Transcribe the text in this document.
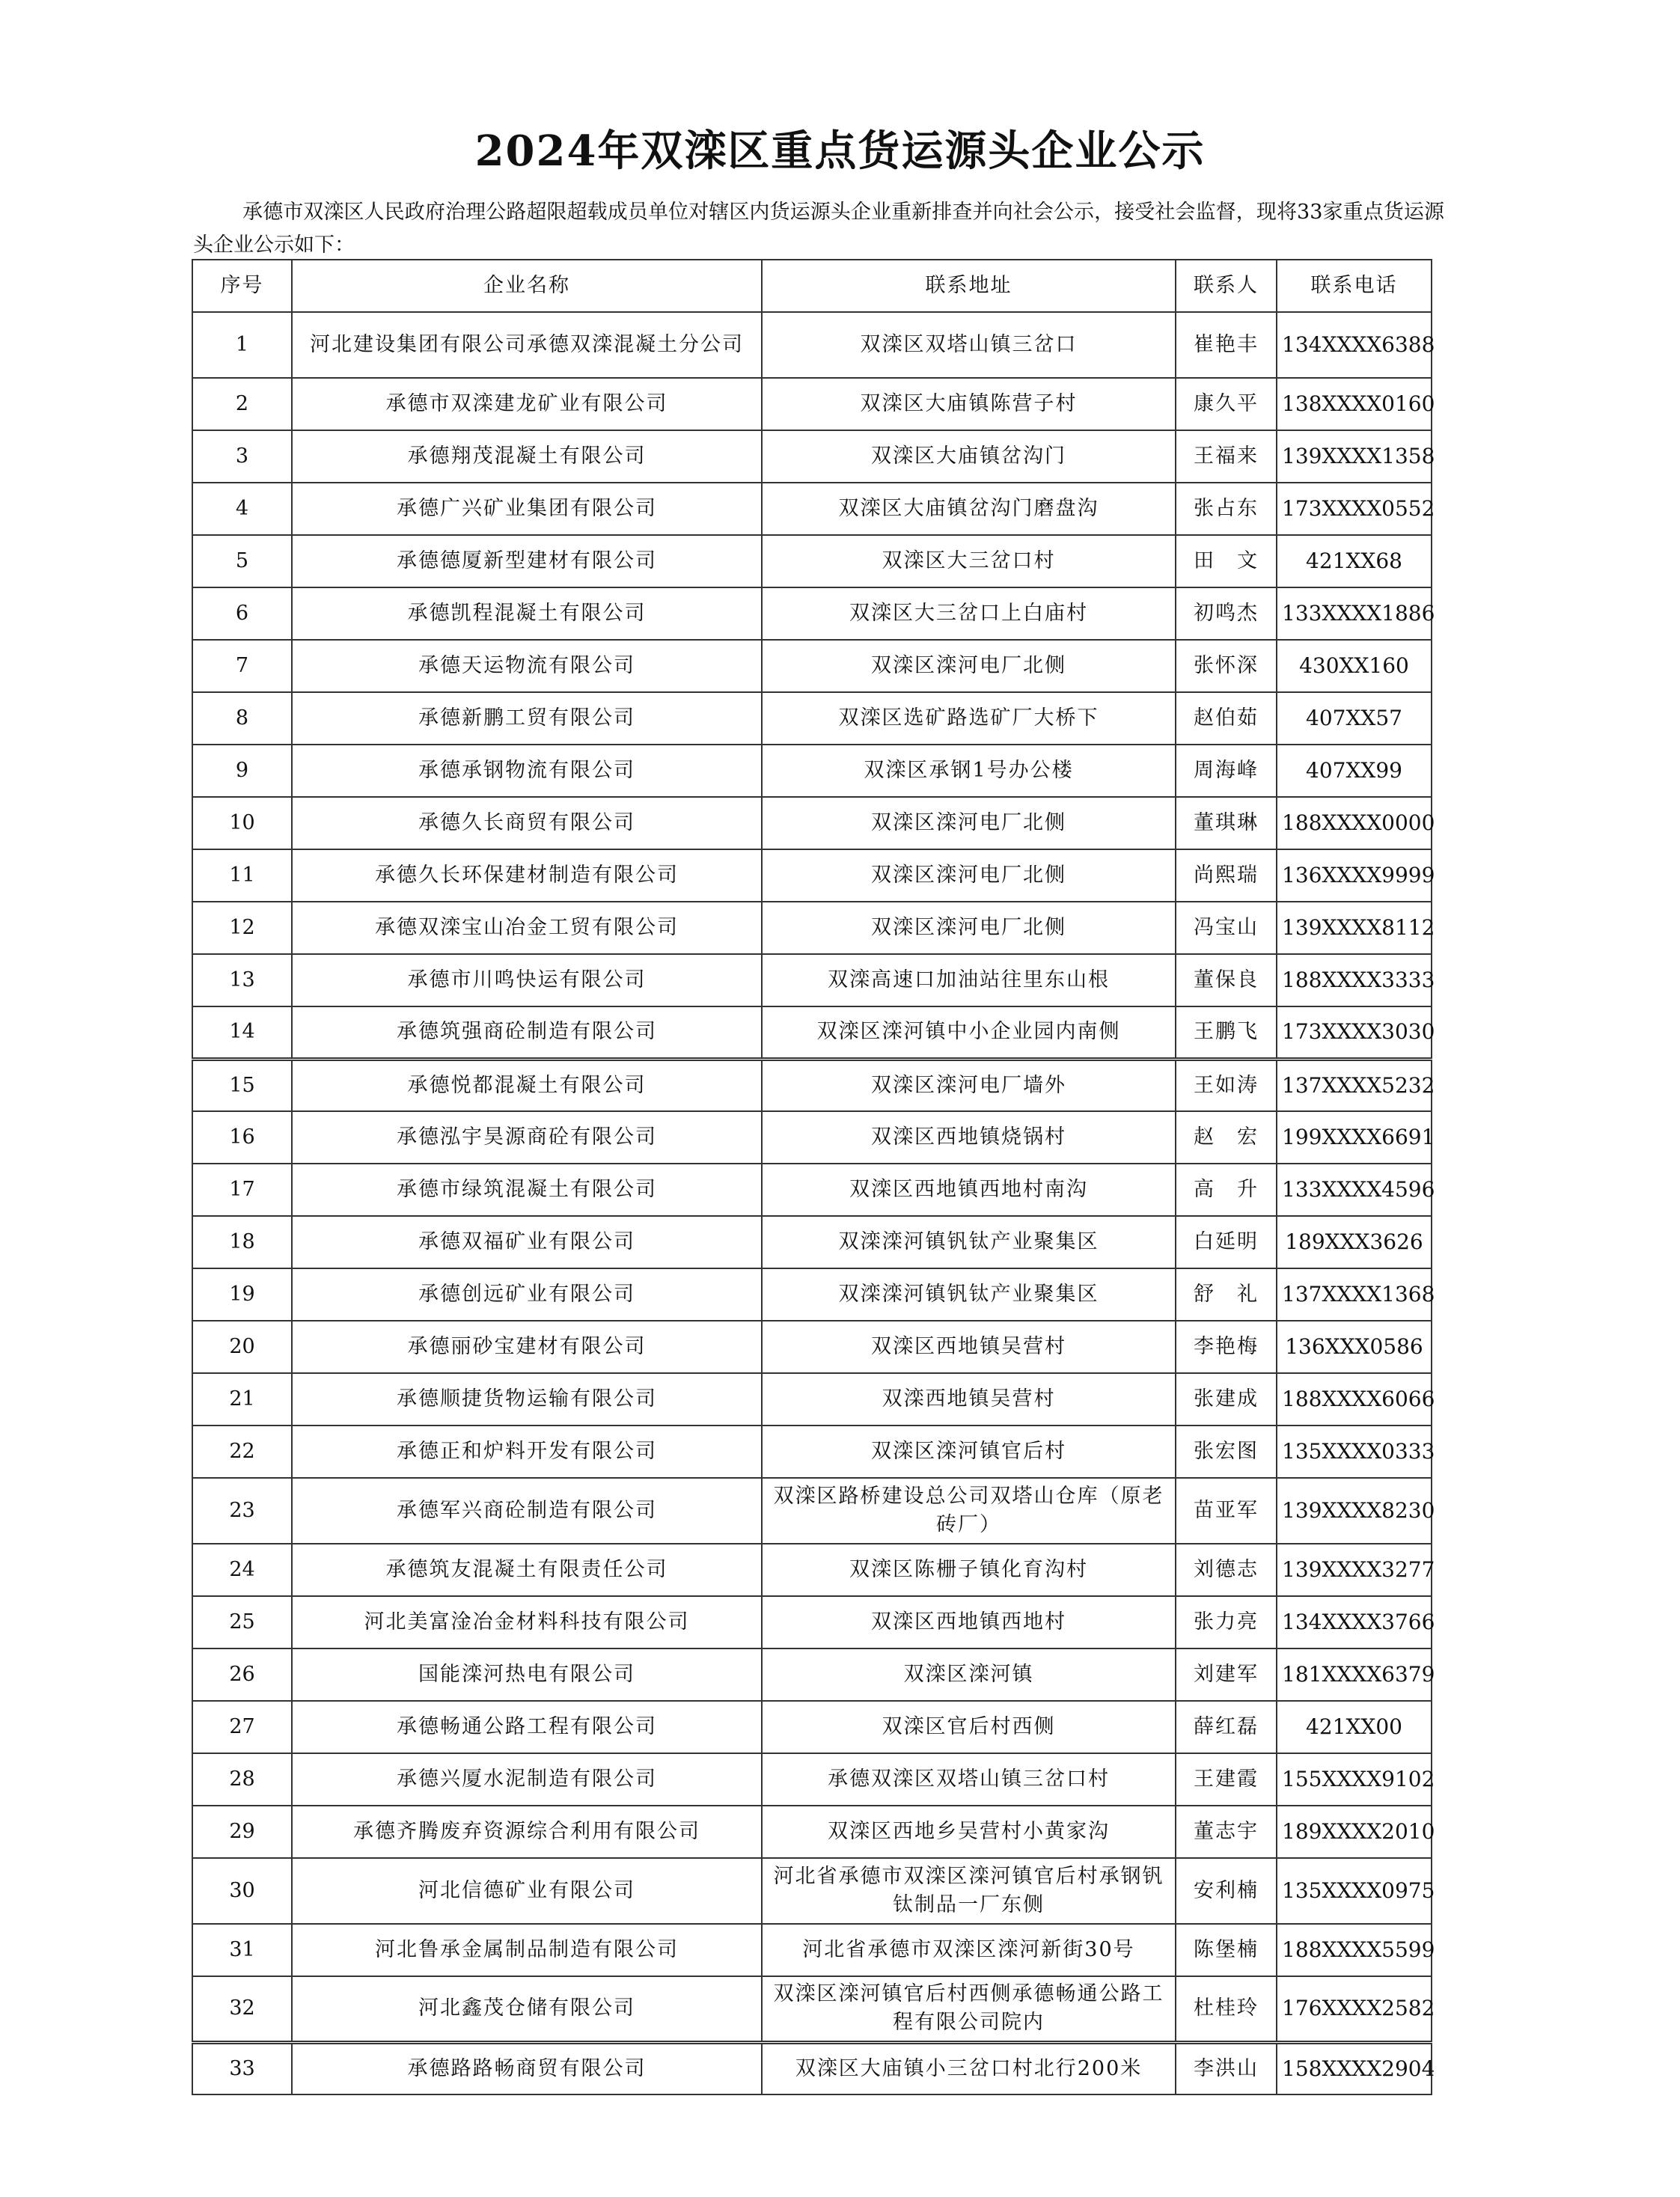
2024年双滦区重点货运源头企业公示

承德市双滦区人民政府治理公路超限超载成员单位对辖区内货运源头企业重新排查并向社会公示，接受社会监督，现将33家重点货运源头企业公示如下：

序号	企业名称	联系地址	联系人	联系电话
1	河北建设集团有限公司承德双滦混凝土分公司	双滦区双塔山镇三岔口	崔艳丰	134XXXX6388
2	承德市双滦建龙矿业有限公司	双滦区大庙镇陈营子村	康久平	138XXXX0160
3	承德翔茂混凝土有限公司	双滦区大庙镇岔沟门	王福来	139XXXX1358
4	承德广兴矿业集团有限公司	双滦区大庙镇岔沟门磨盘沟	张占东	173XXXX0552
5	承德德厦新型建材有限公司	双滦区大三岔口村	田　文	421XX68
6	承德凯程混凝土有限公司	双滦区大三岔口上白庙村	初鸣杰	133XXXX1886
7	承德天运物流有限公司	双滦区滦河电厂北侧	张怀深	430XX160
8	承德新鹏工贸有限公司	双滦区选矿路选矿厂大桥下	赵伯茹	407XX57
9	承德承钢物流有限公司	双滦区承钢1号办公楼	周海峰	407XX99
10	承德久长商贸有限公司	双滦区滦河电厂北侧	董琪琳	188XXXX0000
11	承德久长环保建材制造有限公司	双滦区滦河电厂北侧	尚熙瑞	136XXXX9999
12	承德双滦宝山冶金工贸有限公司	双滦区滦河电厂北侧	冯宝山	139XXXX8112
13	承德市川鸣快运有限公司	双滦高速口加油站往里东山根	董保良	188XXXX3333
14	承德筑强商砼制造有限公司	双滦区滦河镇中小企业园内南侧	王鹏飞	173XXXX3030
15	承德悦都混凝土有限公司	双滦区滦河电厂墙外	王如涛	137XXXX5232
16	承德泓宇昊源商砼有限公司	双滦区西地镇烧锅村	赵　宏	199XXXX6691
17	承德市绿筑混凝土有限公司	双滦区西地镇西地村南沟	高　升	133XXXX4596
18	承德双福矿业有限公司	双滦滦河镇钒钛产业聚集区	白延明	189XXX3626
19	承德创远矿业有限公司	双滦滦河镇钒钛产业聚集区	舒　礼	137XXXX1368
20	承德丽砂宝建材有限公司	双滦区西地镇吴营村	李艳梅	136XXX0586
21	承德顺捷货物运输有限公司	双滦西地镇吴营村	张建成	188XXXX6066
22	承德正和炉料开发有限公司	双滦区滦河镇官后村	张宏图	135XXXX0333
23	承德军兴商砼制造有限公司	双滦区路桥建设总公司双塔山仓库（原老砖厂）	苗亚军	139XXXX8230
24	承德筑友混凝土有限责任公司	双滦区陈栅子镇化育沟村	刘德志	139XXXX3277
25	河北美富淦冶金材料科技有限公司	双滦区西地镇西地村	张力亮	134XXXX3766
26	国能滦河热电有限公司	双滦区滦河镇	刘建军	181XXXX6379
27	承德畅通公路工程有限公司	双滦区官后村西侧	薛红磊	421XX00
28	承德兴厦水泥制造有限公司	承德双滦区双塔山镇三岔口村	王建霞	155XXXX9102
29	承德齐腾废弃资源综合利用有限公司	双滦区西地乡吴营村小黄家沟	董志宇	189XXXX2010
30	河北信德矿业有限公司	河北省承德市双滦区滦河镇官后村承钢钒钛制品一厂东侧	安利楠	135XXXX0975
31	河北鲁承金属制品制造有限公司	河北省承德市双滦区滦河新街30号	陈堡楠	188XXXX5599
32	河北鑫茂仓储有限公司	双滦区滦河镇官后村西侧承德畅通公路工程有限公司院内	杜桂玲	176XXXX2582
33	承德路路畅商贸有限公司	双滦区大庙镇小三岔口村北行200米	李洪山	158XXXX2904
